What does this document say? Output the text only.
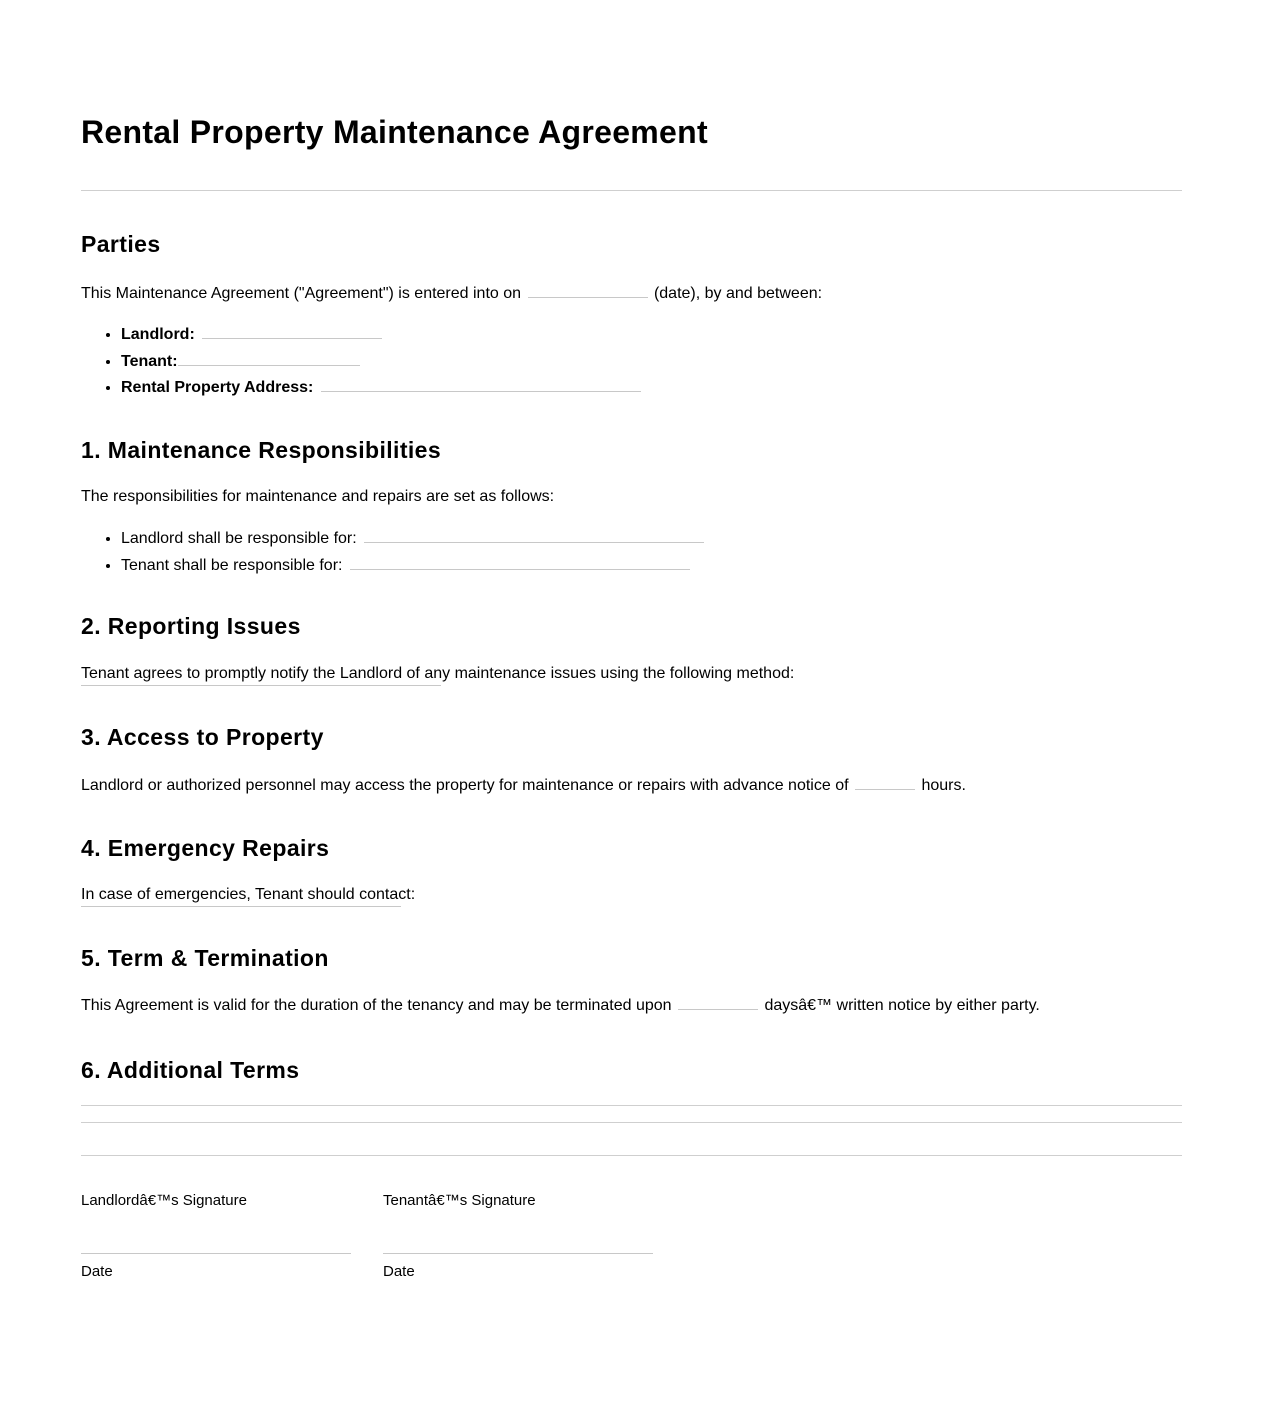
Rental Property Maintenance Agreement
Parties

This Maintenance Agreement ("Agreement") is entered into on	(date), by and between:

• Landlord:
• Tenant:
• Rental Property Address:
1. Maintenance Responsibilities

The responsibilities for maintenance and repairs are set as follows:

• Landlord shall be responsible for:
• Tenant shall be responsible for:
2. Reporting Issues

Tenant agrees to promptly notify the Landlord of any maintenance issues using the following method:

3. Access to Property

Landlord or authorized personnel may access the property for maintenance or repairs with advance notice of	hours.

4. Emergency Repairs

In case of emergencies, Tenant should contact:

5. Term & Termination

This Agreement is valid for the duration of the tenancy and may be terminated upon	daysâ€™ written notice by either party.

6. Additional Terms
Landlordâ€™s Signature
Date
Tenantâ€™s Signature
Date
